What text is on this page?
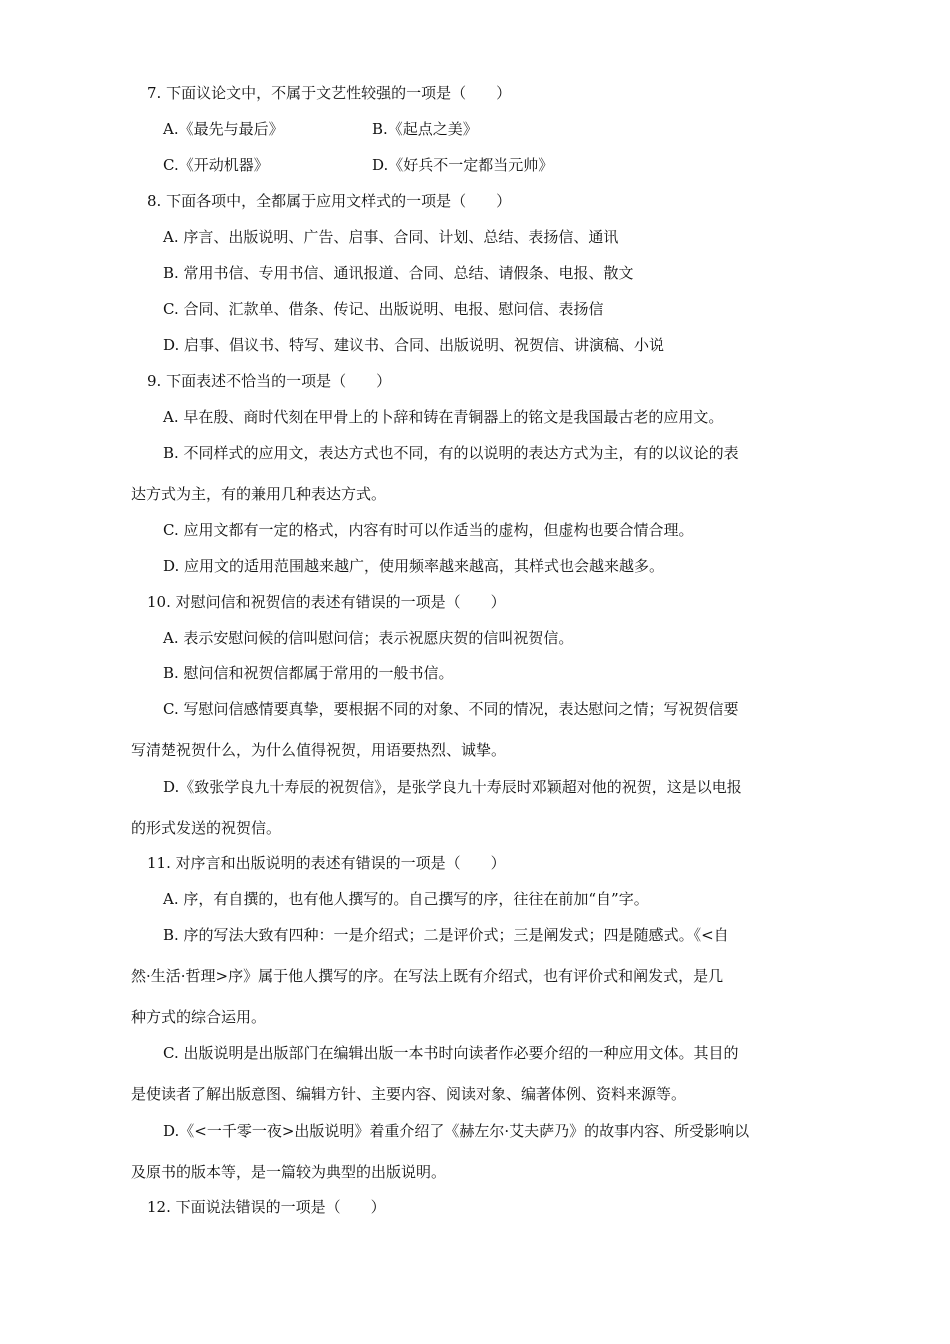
7. 下面议论文中，不属于文艺性较强的一项是（　　）
A.《最先与最后》	B.《起点之美》
C.《开动机器》	D.《好兵不一定都当元帅》
8. 下面各项中，全都属于应用文样式的一项是（　　）
A. 序言、出版说明、广告、启事、合同、计划、总结、表扬信、通讯
B. 常用书信、专用书信、通讯报道、合同、总结、请假条、电报、散文
C. 合同、汇款单、借条、传记、出版说明、电报、慰问信、表扬信
D. 启事、倡议书、特写、建议书、合同、出版说明、祝贺信、讲演稿、小说
9. 下面表述不恰当的一项是（　　）
A. 早在殷、商时代刻在甲骨上的卜辞和铸在青铜器上的铭文是我国最古老的应用文。
B. 不同样式的应用文，表达方式也不同，有的以说明的表达方式为主，有的以议论的表
达方式为主，有的兼用几种表达方式。
C. 应用文都有一定的格式，内容有时可以作适当的虚构，但虚构也要合情合理。
D. 应用文的适用范围越来越广，使用频率越来越高，其样式也会越来越多。
10. 对慰问信和祝贺信的表述有错误的一项是（　　）
A. 表示安慰问候的信叫慰问信；表示祝愿庆贺的信叫祝贺信。
B. 慰问信和祝贺信都属于常用的一般书信。
C. 写慰问信感情要真挚，要根据不同的对象、不同的情况，表达慰问之情；写祝贺信要
写清楚祝贺什么，为什么值得祝贺，用语要热烈、诚挚。
D.《致张学良九十寿辰的祝贺信》，是张学良九十寿辰时邓颖超对他的祝贺，这是以电报
的形式发送的祝贺信。
11. 对序言和出版说明的表述有错误的一项是（　　）
A. 序，有自撰的，也有他人撰写的。自己撰写的序，往往在前加“自”字。
B. 序的写法大致有四种：一是介绍式；二是评价式；三是阐发式；四是随感式。《<自
然·生活·哲理>序》属于他人撰写的序。在写法上既有介绍式，也有评价式和阐发式，是几
种方式的综合运用。
C. 出版说明是出版部门在编辑出版一本书时向读者作必要介绍的一种应用文体。其目的
是使读者了解出版意图、编辑方针、主要内容、阅读对象、编著体例、资料来源等。
D.《<一千零一夜>出版说明》着重介绍了《赫左尔·艾夫萨乃》的故事内容、所受影响以
及原书的版本等，是一篇较为典型的出版说明。
12. 下面说法错误的一项是（　　）
